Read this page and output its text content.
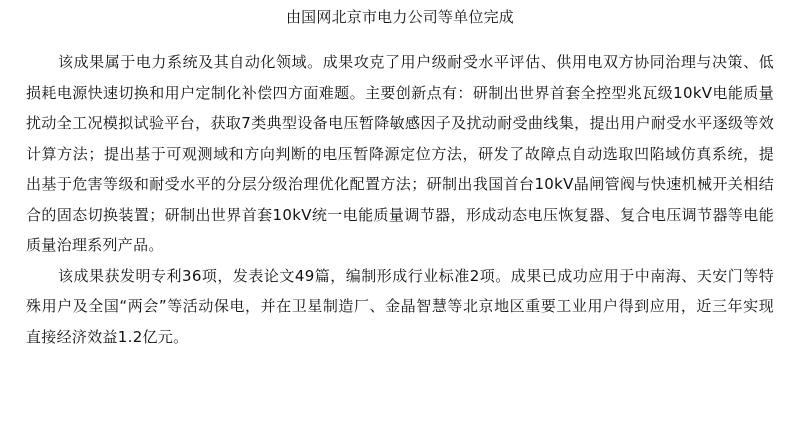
由国网北京市电力公司等单位完成

该成果属于电力系统及其自动化领域。成果攻克了用户级耐受水平评估、供用电双方协同治理与决策、低损耗电源快速切换和用户定制化补偿四方面难题。主要创新点有：研制出世界首套全控型兆瓦级10kV电能质量扰动全工况模拟试验平台，获取7类典型设备电压暂降敏感因子及扰动耐受曲线集，提出用户耐受水平逐级等效计算方法；提出基于可观测域和方向判断的电压暂降源定位方法，研发了故障点自动选取凹陷域仿真系统，提出基于危害等级和耐受水平的分层分级治理优化配置方法；研制出我国首台10kV晶闸管阀与快速机械开关相结合的固态切换装置；研制出世界首套10kV统一电能质量调节器，形成动态电压恢复器、复合电压调节器等电能质量治理系列产品。

该成果获发明专利36项，发表论文49篇，编制形成行业标准2项。成果已成功应用于中南海、天安门等特殊用户及全国“两会”等活动保电，并在卫星制造厂、金晶智慧等北京地区重要工业用户得到应用，近三年实现直接经济效益1.2亿元。
